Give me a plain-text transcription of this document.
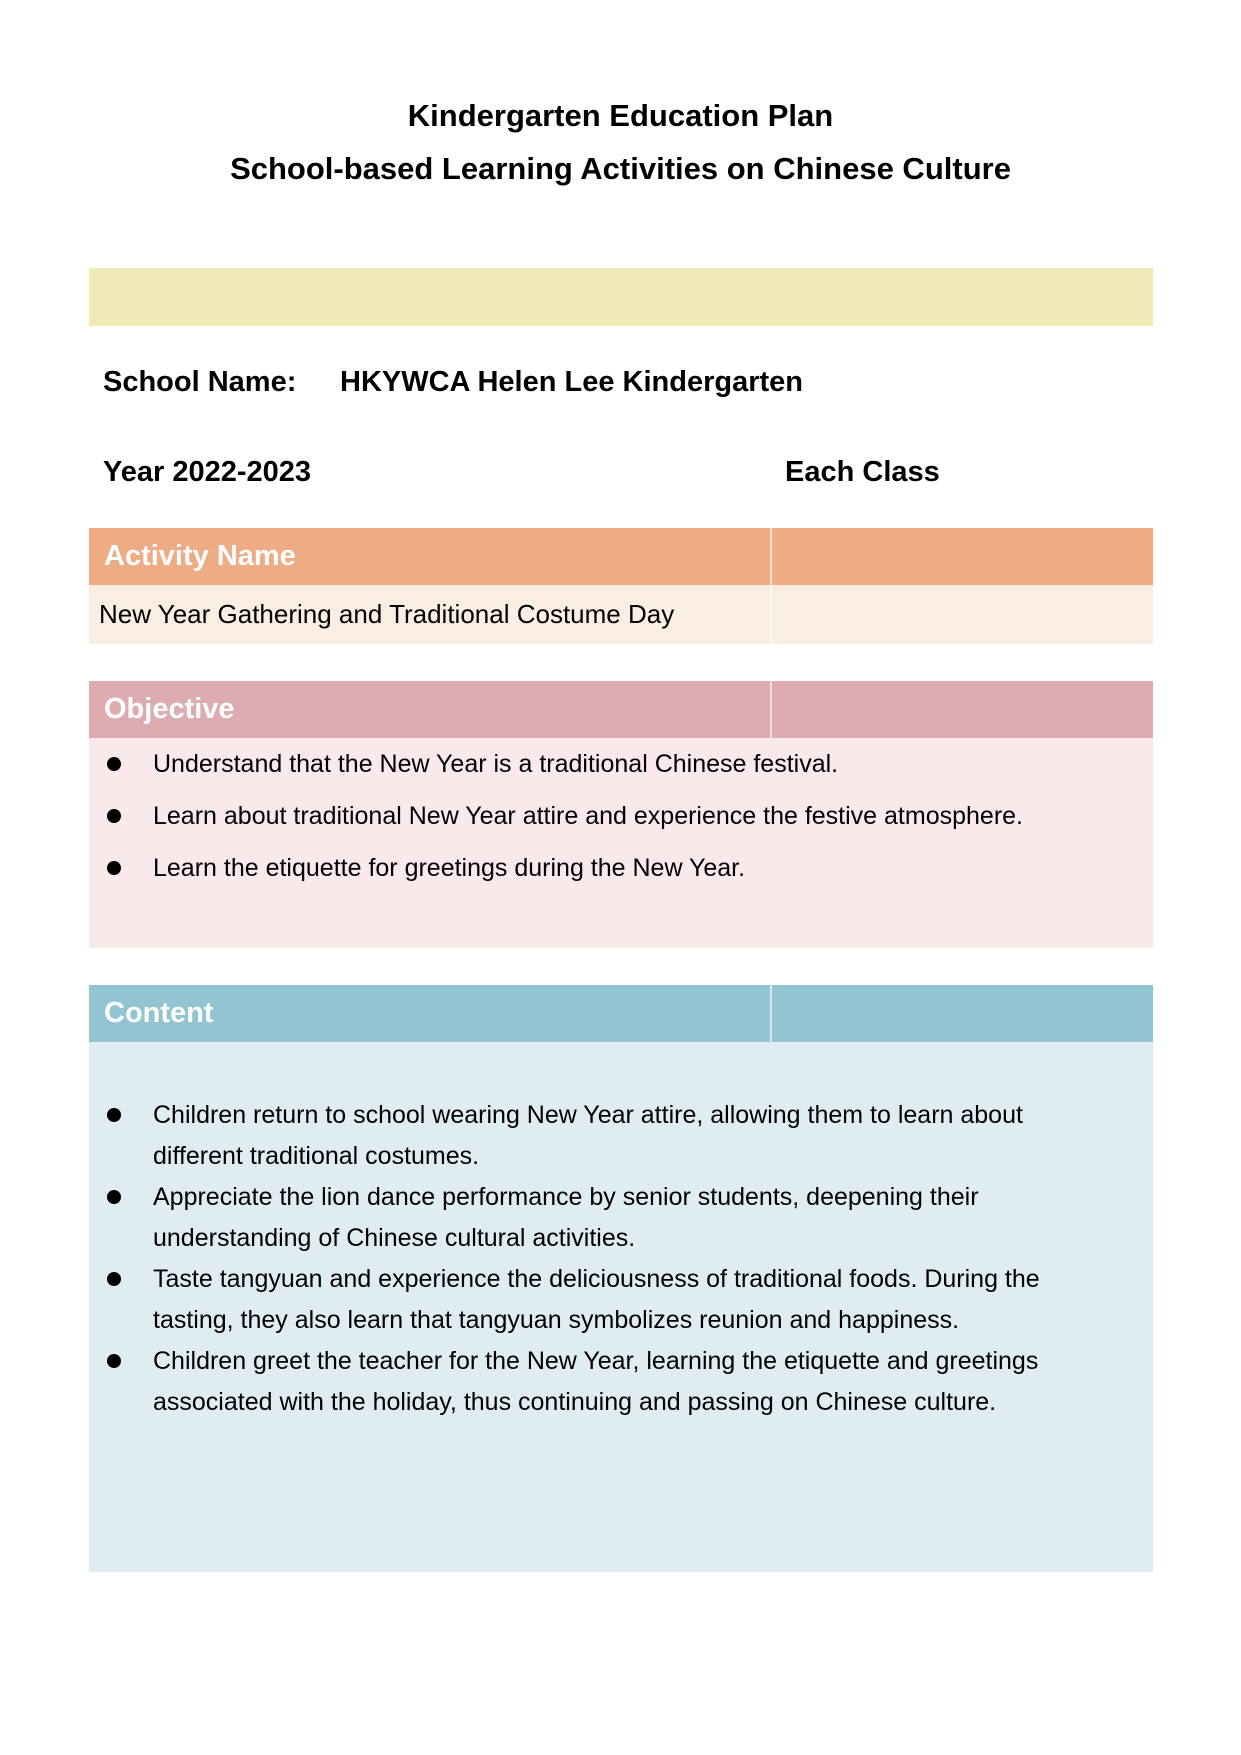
Kindergarten Education Plan
School-based Learning Activities on Chinese Culture
School Name:	HKYWCA Helen Lee Kindergarten
Year 2022-2023	Each Class
Activity Name
New Year Gathering and Traditional Costume Day
Objective
Understand that the New Year is a traditional Chinese festival.
Learn about traditional New Year attire and experience the festive atmosphere.
Learn the etiquette for greetings during the New Year.
Content
Children return to school wearing New Year attire, allowing them to learn about different traditional costumes.
Appreciate the lion dance performance by senior students, deepening their understanding of Chinese cultural activities.
Taste tangyuan and experience the deliciousness of traditional foods. During the tasting, they also learn that tangyuan symbolizes reunion and happiness.
Children greet the teacher for the New Year, learning the etiquette and greetings associated with the holiday, thus continuing and passing on Chinese culture.
